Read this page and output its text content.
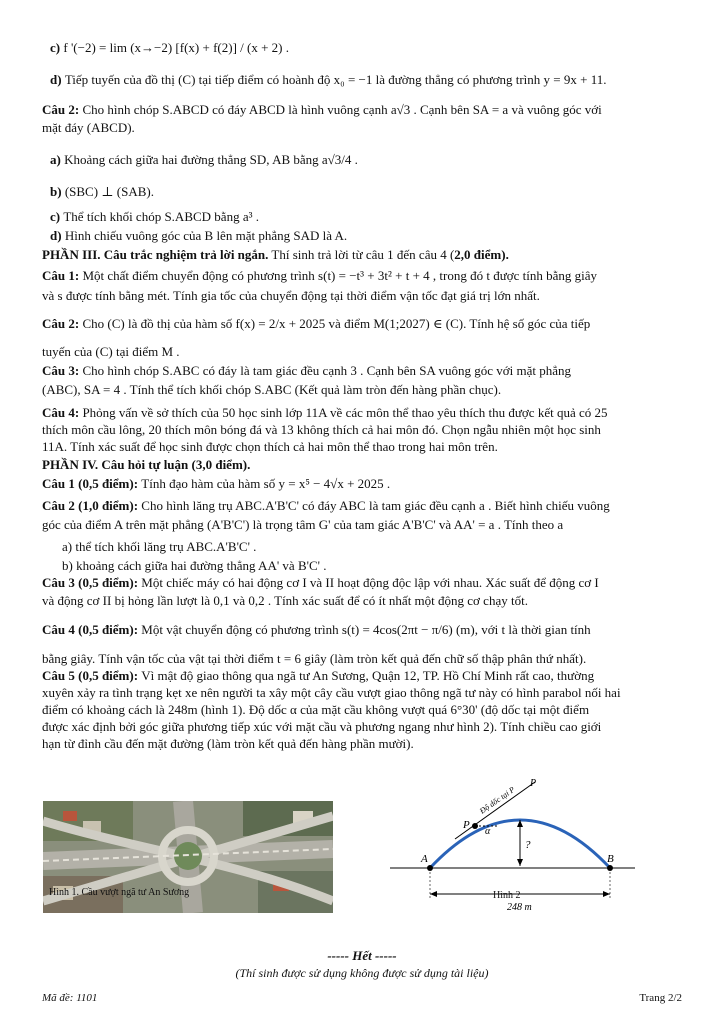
c) f '(−2) = lim (x→−2) [f(x) + f(2)] / (x + 2) .
d) Tiếp tuyến của đồ thị (C) tại tiếp điểm có hoành độ x₀ = −1 là đường thẳng có phương trình y = 9x + 11.
Câu 2: Cho hình chóp S.ABCD có đáy ABCD là hình vuông cạnh a√3 . Cạnh bên SA = a và vuông góc với
mặt đáy (ABCD).
a) Khoảng cách giữa hai đường thẳng SD, AB bằng a√3/4 .
b) (SBC) ⊥ (SAB).
c) Thể tích khối chóp S.ABCD bằng a³ .
d) Hình chiếu vuông góc của B lên mặt phẳng SAD là A.
PHẦN III. Câu trắc nghiệm trả lời ngắn. Thí sinh trả lời từ câu 1 đến câu 4 (2,0 điểm).
Câu 1: Một chất điểm chuyển động có phương trình s(t) = −t³ + 3t² + t + 4 , trong đó t được tính bằng giây
và s được tính bằng mét. Tính gia tốc của chuyển động tại thời điểm vận tốc đạt giá trị lớn nhất.
Câu 2: Cho (C) là đồ thị của hàm số f(x) = 2/x + 2025 và điểm M(1;2027) ∈ (C). Tính hệ số góc của tiếp
tuyến của (C) tại điểm M .
Câu 3: Cho hình chóp S.ABC có đáy là tam giác đều cạnh 3 . Cạnh bên SA vuông góc với mặt phẳng
(ABC), SA = 4 . Tính thể tích khối chóp S.ABC (Kết quả làm tròn đến hàng phần chục).
Câu 4: Phỏng vấn về sở thích của 50 học sinh lớp 11A về các môn thể thao yêu thích thu được kết quả có 25
thích môn cầu lông, 20 thích môn bóng đá và 13 không thích cả hai môn đó. Chọn ngẫu nhiên một học sinh
11A. Tính xác suất để học sinh được chọn thích cả hai môn thể thao trong hai môn trên.
PHẦN IV. Câu hỏi tự luận (3,0 điểm).
Câu 1 (0,5 điểm): Tính đạo hàm của hàm số y = x⁵ − 4√x + 2025 .
Câu 2 (1,0 điểm): Cho hình lăng trụ ABC.A'B'C' có đáy ABC là tam giác đều cạnh a . Biết hình chiếu vuông
góc của điểm A trên mặt phẳng (A'B'C') là trọng tâm G' của tam giác A'B'C' và AA' = a . Tính theo a
a) thể tích khối lăng trụ ABC.A'B'C' .
b) khoảng cách giữa hai đường thẳng AA' và B'C' .
Câu 3 (0,5 điểm): Một chiếc máy có hai động cơ I và II hoạt động độc lập với nhau. Xác suất để động cơ I
và động cơ II bị hỏng lần lượt là 0,1 và 0,2 . Tính xác suất để có ít nhất một động cơ chạy tốt.
Câu 4 (0,5 điểm): Một vật chuyển động có phương trình s(t) = 4cos(2πt − π/6) (m), với t là thời gian tính
bằng giây. Tính vận tốc của vật tại thời điểm t = 6 giây (làm tròn kết quả đến chữ số thập phân thứ nhất).
Câu 5 (0,5 điểm): Vì mật độ giao thông qua ngã tư An Sương, Quận 12, TP. Hồ Chí Minh rất cao, thường
xuyên xảy ra tình trạng kẹt xe nên người ta xây một cây cầu vượt giao thông ngã tư này có hình parabol nối hai
điểm có khoảng cách là 248m (hình 1). Độ dốc α của mặt cầu không vượt quá 6°30' (độ dốc tại một điểm
được xác định bởi góc giữa phương tiếp xúc với mặt cầu và phương ngang như hình 2). Tính chiều cao giới
hạn từ đỉnh cầu đến mặt đường (làm tròn kết quả đến hàng phần mười).
Hình 1. Cầu vượt ngã tư An Sương
A	B
P
P
α
?
248 m
Độ dốc tại P
Hình 2
----- Hết -----
(Thí sinh được sử dụng không được sử dụng tài liệu)
Mã đề: 1101	Trang 2/2
